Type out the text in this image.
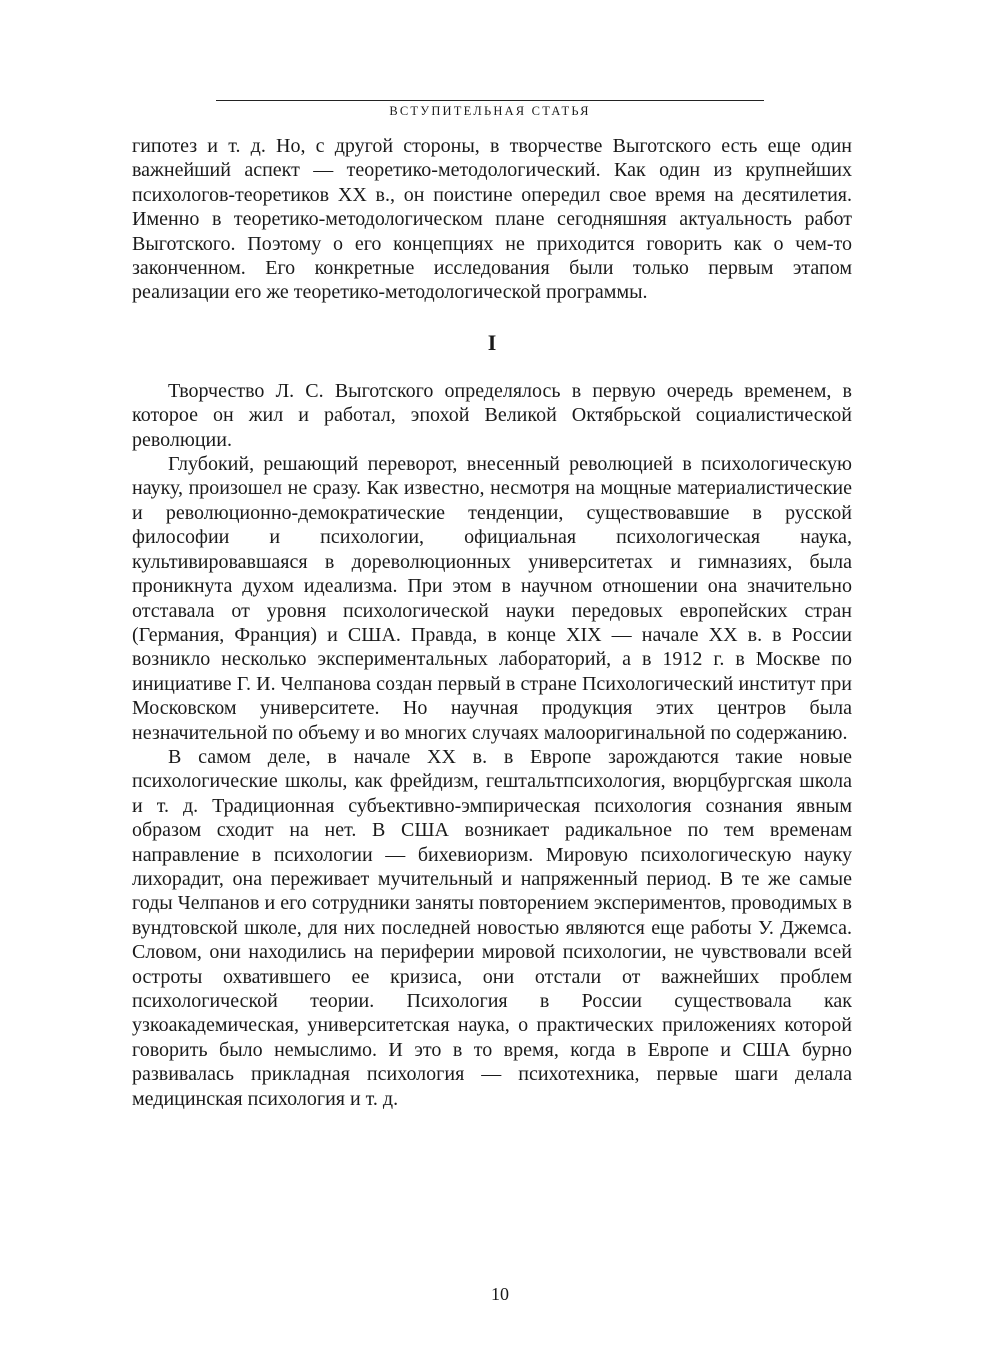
ВСТУПИТЕЛЬНАЯ СТАТЬЯ

гипотез и т. д. Но, с другой стороны, в творчестве Выготского есть еще один важнейший аспект — теоретико-методологический. Как один из крупнейших психологов-теоретиков XX в., он поистине опередил свое время на десятилетия. Именно в теоретико-методологическом плане сегодняшняя актуальность работ Выготского. Поэтому о его концепциях не приходится говорить как о чем-то законченном. Его конкретные исследования были только первым этапом реализации его же теоретико-методологической программы.

I

Творчество Л. С. Выготского определялось в первую очередь временем, в которое он жил и работал, эпохой Великой Октябрьской социалистической революции.

Глубокий, решающий переворот, внесенный революцией в психологическую науку, произошел не сразу. Как известно, несмотря на мощные материалистические и революционно-демократические тенденции, существовавшие в русской философии и психологии, официальная психологическая наука, культивировавшаяся в дореволюционных университетах и гимназиях, была проникнута духом идеализма. При этом в научном отношении она значительно отставала от уровня психологической науки передовых европейских стран (Германия, Франция) и США. Правда, в конце XIX — начале XX в. в России возникло несколько экспериментальных лабораторий, а в 1912 г. в Москве по инициативе Г. И. Челпанова создан первый в стране Психологический институт при Московском университете. Но научная продукция этих центров была незначительной по объему и во многих случаях малооригинальной по содержанию.

В самом деле, в начале XX в. в Европе зарождаются такие новые психологические школы, как фрейдизм, гештальтпсихология, вюрцбургская школа и т. д. Традиционная субъективно-эмпирическая психология сознания явным образом сходит на нет. В США возникает радикальное по тем временам направление в психологии — бихевиоризм. Мировую психологическую науку лихорадит, она переживает мучительный и напряженный период. В те же самые годы Челпанов и его сотрудники заняты повторением экспериментов, проводимых в вундтовской школе, для них последней новостью являются еще работы У. Джемса. Словом, они находились на периферии мировой психологии, не чувствовали всей остроты охватившего ее кризиса, они отстали от важнейших проблем психологической теории. Психология в России существовала как узкоакадемическая, университетская наука, о практических приложениях которой говорить было немыслимо. И это в то время, когда в Европе и США бурно развивалась прикладная психология — психотехника, первые шаги делала медицинская психология и т. д.

10
